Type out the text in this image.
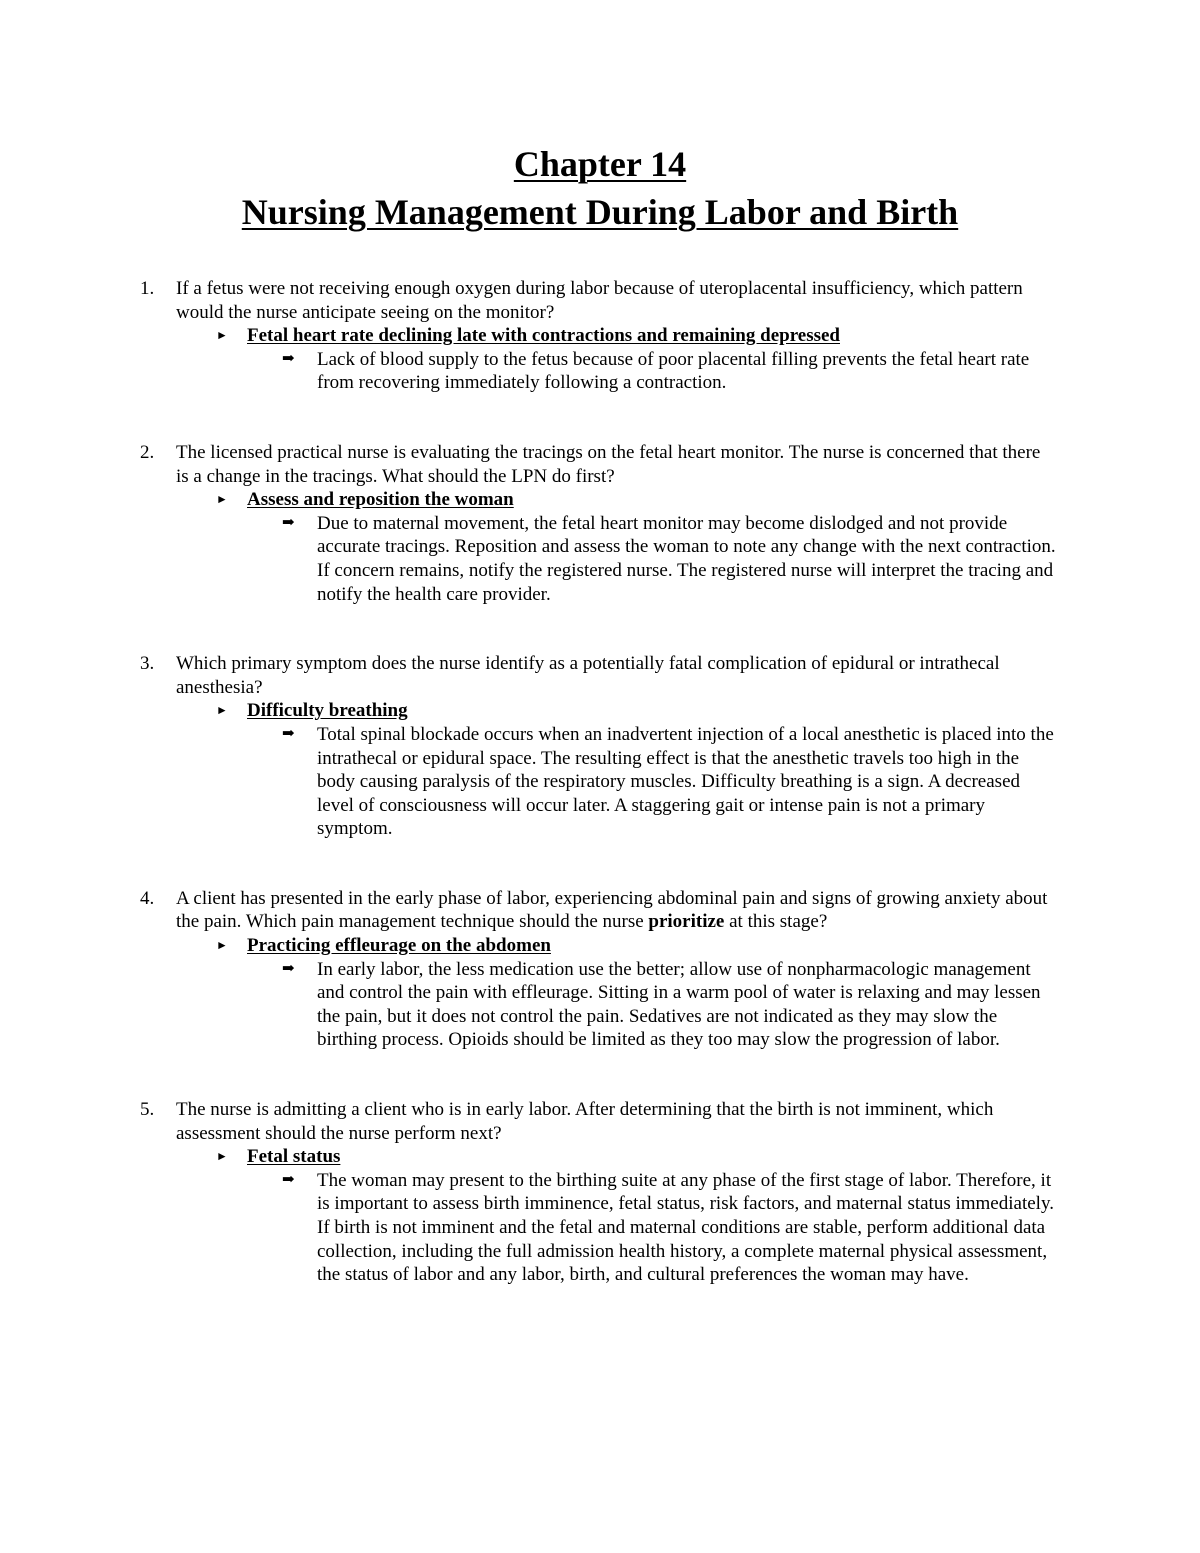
Chapter 14

Nursing Management During Labor and Birth

1. If a fetus were not receiving enough oxygen during labor because of uteroplacental insufficiency, which pattern would the nurse anticipate seeing on the monitor?
► Fetal heart rate declining late with contractions and remaining depressed
➡ Lack of blood supply to the fetus because of poor placental filling prevents the fetal heart rate from recovering immediately following a contraction.
2. The licensed practical nurse is evaluating the tracings on the fetal heart monitor. The nurse is concerned that there is a change in the tracings. What should the LPN do first?
► Assess and reposition the woman
➡ Due to maternal movement, the fetal heart monitor may become dislodged and not provide accurate tracings. Reposition and assess the woman to note any change with the next contraction. If concern remains, notify the registered nurse. The registered nurse will interpret the tracing and notify the health care provider.
3. Which primary symptom does the nurse identify as a potentially fatal complication of epidural or intrathecal anesthesia?
► Difficulty breathing
➡ Total spinal blockade occurs when an inadvertent injection of a local anesthetic is placed into the intrathecal or epidural space. The resulting effect is that the anesthetic travels too high in the body causing paralysis of the respiratory muscles. Difficulty breathing is a sign. A decreased level of consciousness will occur later. A staggering gait or intense pain is not a primary symptom.
4. A client has presented in the early phase of labor, experiencing abdominal pain and signs of growing anxiety about the pain. Which pain management technique should the nurse prioritize at this stage?
► Practicing effleurage on the abdomen
➡ In early labor, the less medication use the better; allow use of nonpharmacologic management and control the pain with effleurage. Sitting in a warm pool of water is relaxing and may lessen the pain, but it does not control the pain. Sedatives are not indicated as they may slow the birthing process. Opioids should be limited as they too may slow the progression of labor.
5. The nurse is admitting a client who is in early labor. After determining that the birth is not imminent, which assessment should the nurse perform next?
► Fetal status
➡ The woman may present to the birthing suite at any phase of the first stage of labor. Therefore, it is important to assess birth imminence, fetal status, risk factors, and maternal status immediately. If birth is not imminent and the fetal and maternal conditions are stable, perform additional data collection, including the full admission health history, a complete maternal physical assessment, the status of labor and any labor, birth, and cultural preferences the woman may have.
